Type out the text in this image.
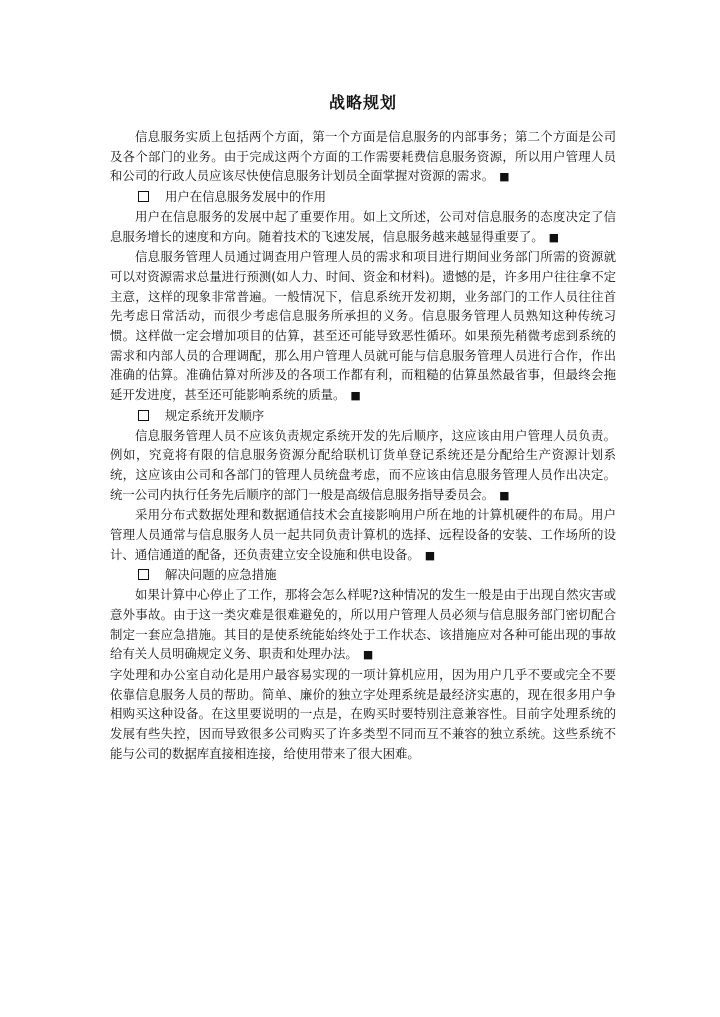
战略规划

信息服务实质上包括两个方面，第一个方面是信息服务的内部事务；第二个方面是公司及各个部门的业务。由于完成这两个方面的工作需要耗费信息服务资源，所以用户管理人员和公司的行政人员应该尽快使信息服务计划员全面掌握对资源的需求。 ■

用户在信息服务发展中的作用

用户在信息服务的发展中起了重要作用。如上文所述，公司对信息服务的态度决定了信息服务增长的速度和方向。随着技术的飞速发展，信息服务越来越显得重要了。 ■

信息服务管理人员通过调查用户管理人员的需求和项目进行期间业务部门所需的资源就可以对资源需求总量进行预测(如人力、时间、资金和材料)。遗憾的是，许多用户往往拿不定主意，这样的现象非常普遍。一般情况下，信息系统开发初期，业务部门的工作人员往往首先考虑日常活动，而很少考虑信息服务所承担的义务。信息服务管理人员熟知这种传统习惯。这样做一定会增加项目的估算，甚至还可能导致恶性循环。如果预先稍微考虑到系统的需求和内部人员的合理调配，那么用户管理人员就可能与信息服务管理人员进行合作，作出准确的估算。准确估算对所涉及的各项工作都有利，而粗糙的估算虽然最省事，但最终会拖延开发进度，甚至还可能影响系统的质量。 ■

规定系统开发顺序

信息服务管理人员不应该负责规定系统开发的先后顺序，这应该由用户管理人员负责。例如，究竟将有限的信息服务资源分配给联机订货单登记系统还是分配给生产资源计划系统，这应该由公司和各部门的管理人员统盘考虑，而不应该由信息服务管理人员作出决定。统一公司内执行任务先后顺序的部门一般是高级信息服务指导委员会。 ■

采用分布式数据处理和数据通信技术会直接影响用户所在地的计算机硬件的布局。用户管理人员通常与信息服务人员一起共同负责计算机的选择、远程设备的安装、工作场所的设计、通信通道的配备，还负责建立安全设施和供电设备。 ■

解决问题的应急措施

如果计算中心停止了工作，那将会怎么样呢?这种情况的发生一般是由于出现自然灾害或意外事故。由于这一类灾难是很难避免的，所以用户管理人员必须与信息服务部门密切配合制定一套应急措施。其目的是使系统能始终处于工作状态、该措施应对各种可能出现的事故给有关人员明确规定义务、职责和处理办法。 ■

字处理和办公室自动化是用户最容易实现的一项计算机应用，因为用户几乎不要或完全不要依靠信息服务人员的帮助。简单、廉价的独立字处理系统是最经济实惠的，现在很多用户争相购买这种设备。在这里要说明的一点是，在购买时要特别注意兼容性。目前字处理系统的发展有些失控，因而导致很多公司购买了许多类型不同而互不兼容的独立系统。这些系统不能与公司的数据库直接相连接，给使用带来了很大困难。
